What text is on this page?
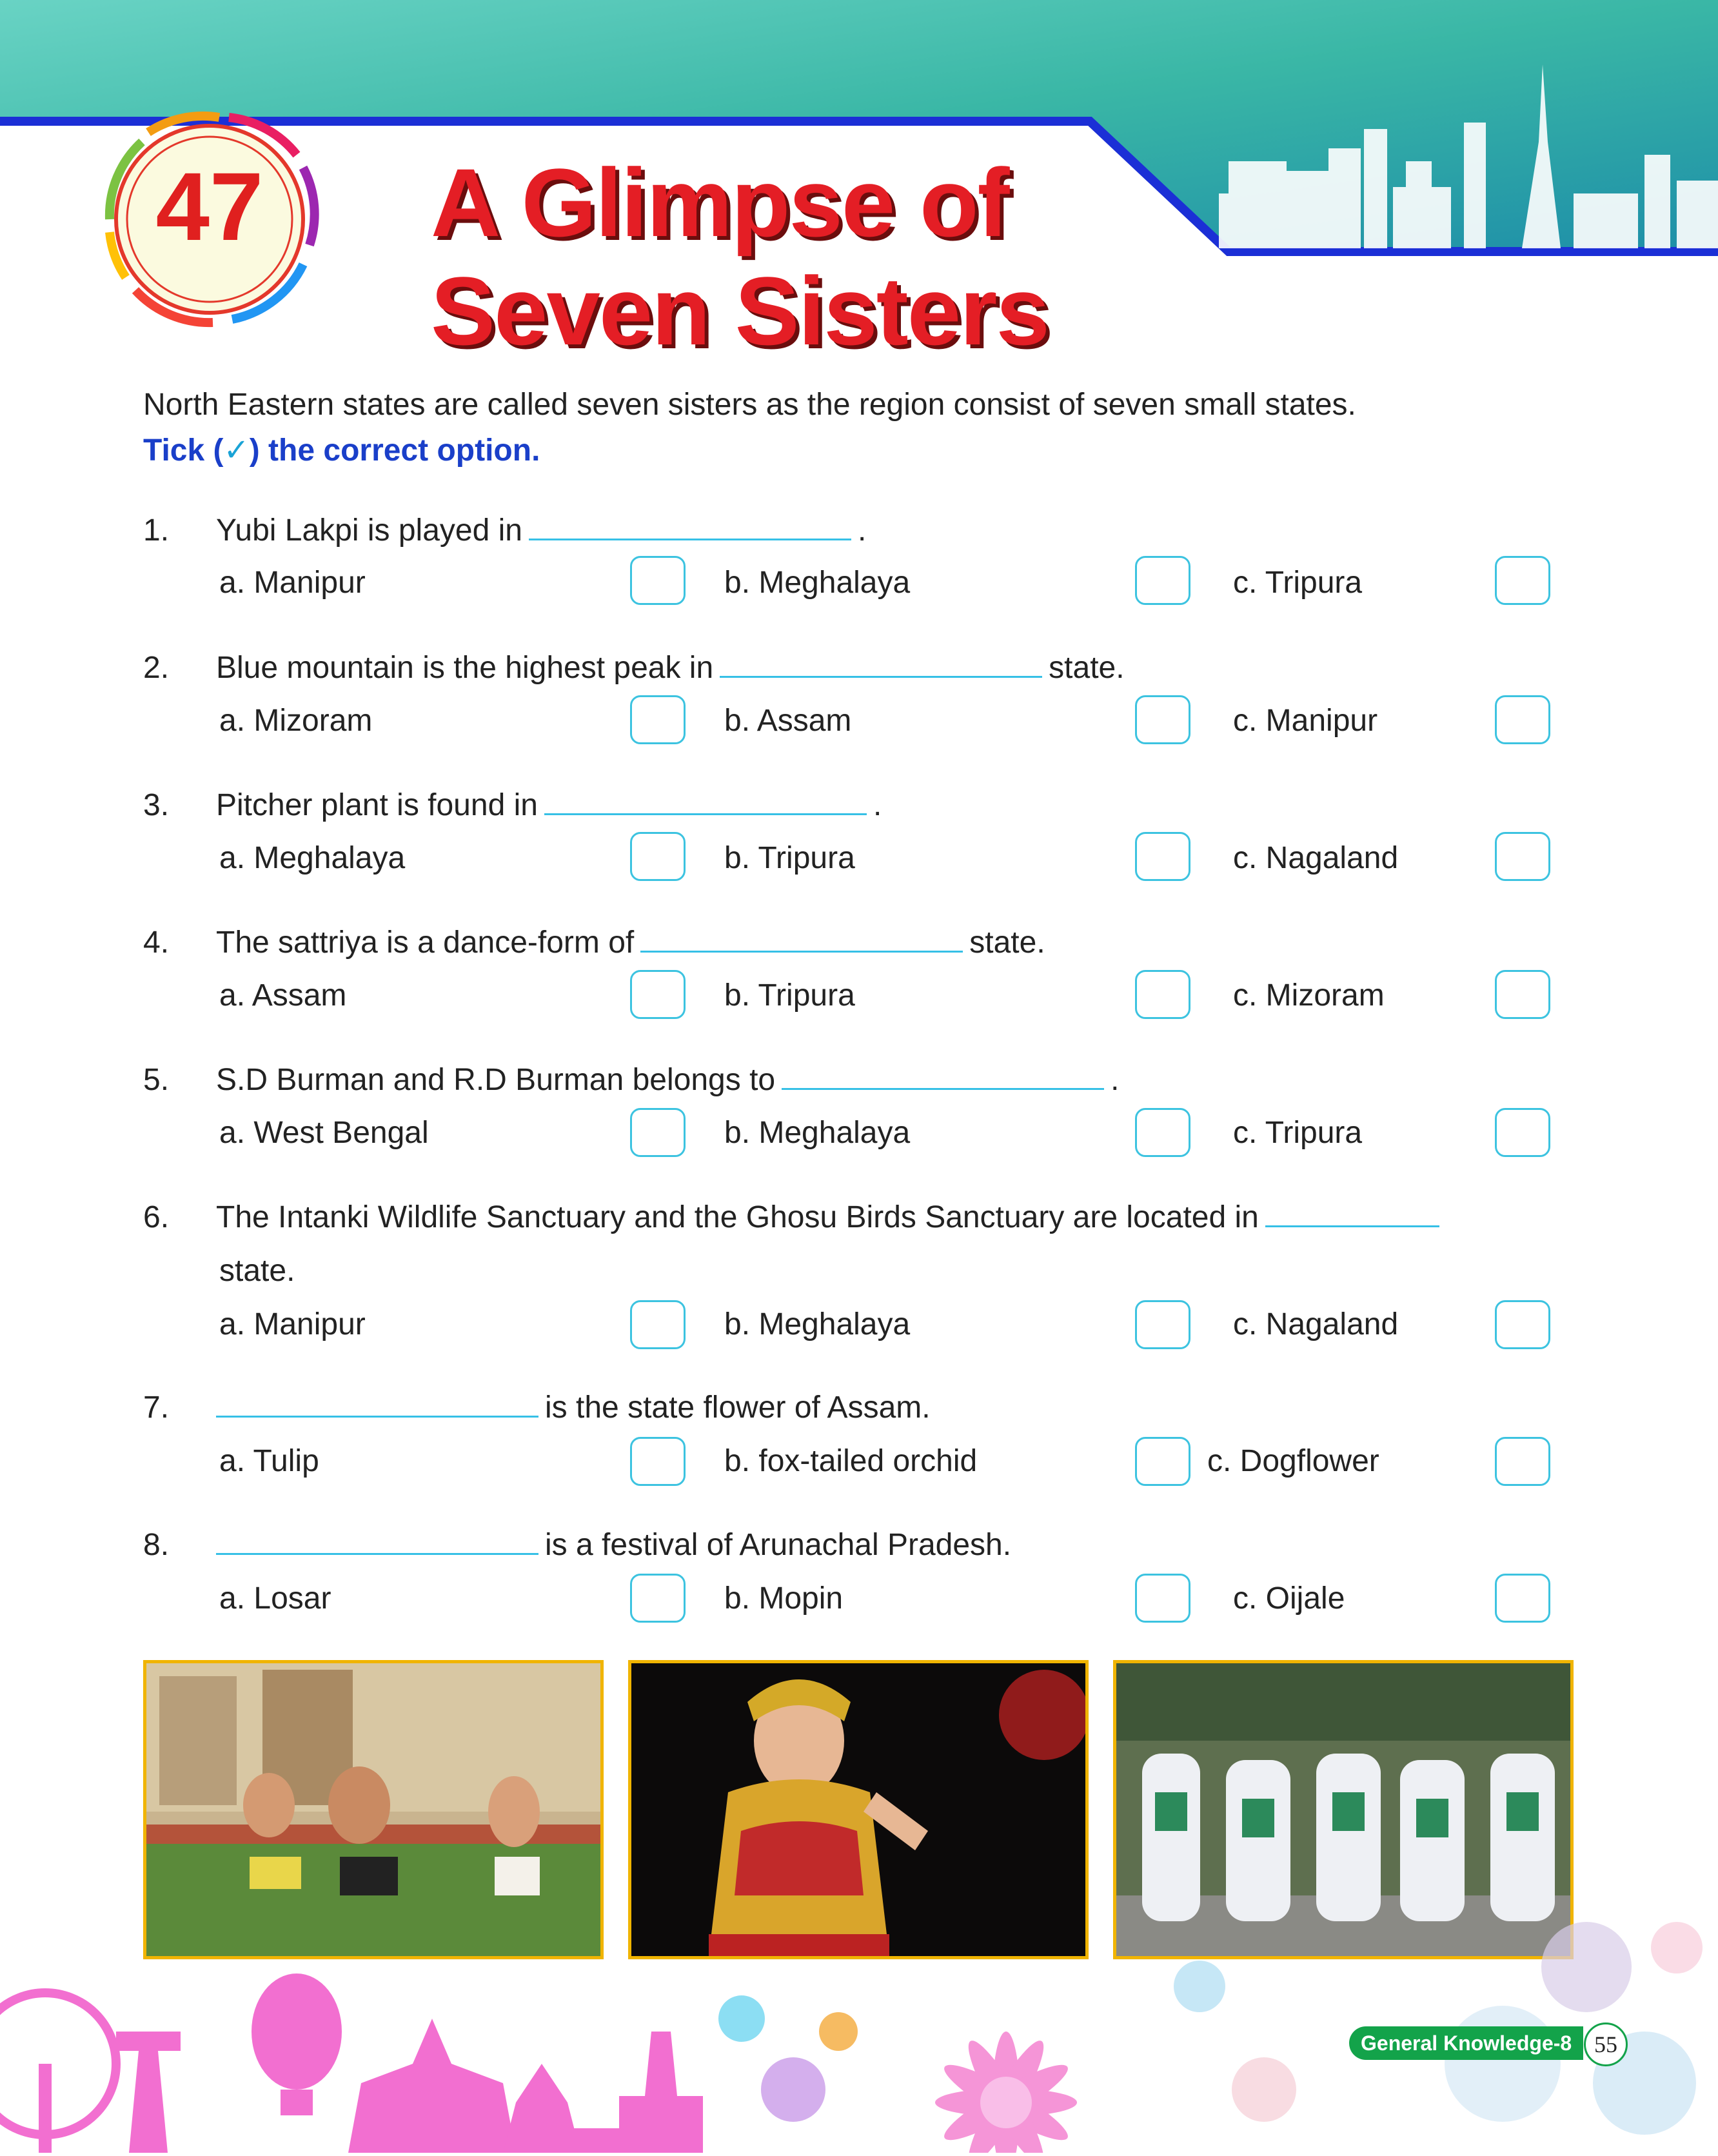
47	A Glimpse of
Seven Sisters
North Eastern states are called seven sisters as the region consist of seven small states.
Tick (✓) the correct option.
1. Yubi Lakpi is played in	.
a. Manipur	b. Meghalaya	c. Tripura
2. Blue mountain is the highest peak in	state.
a. Mizoram	b. Assam	c. Manipur
3. Pitcher plant is found in	.
a. Meghalaya	b. Tripura	c. Nagaland
4. The sattriya is a dance-form of	state.
a. Assam	b. Tripura	c. Mizoram
5. S.D Burman and R.D Burman belongs to	.
a. West Bengal	b. Meghalaya	c. Tripura
6. The Intanki Wildlife Sanctuary and the Ghosu Birds Sanctuary are located in
state.
a. Manipur	b. Meghalaya	c. Nagaland
7.	is the state flower of Assam.
a. Tulip	b. fox-tailed orchid	c. Dogflower
8.	is a festival of Arunachal Pradesh.
a. Losar	b. Mopin	c. Oijale
General Knowledge-8 55
